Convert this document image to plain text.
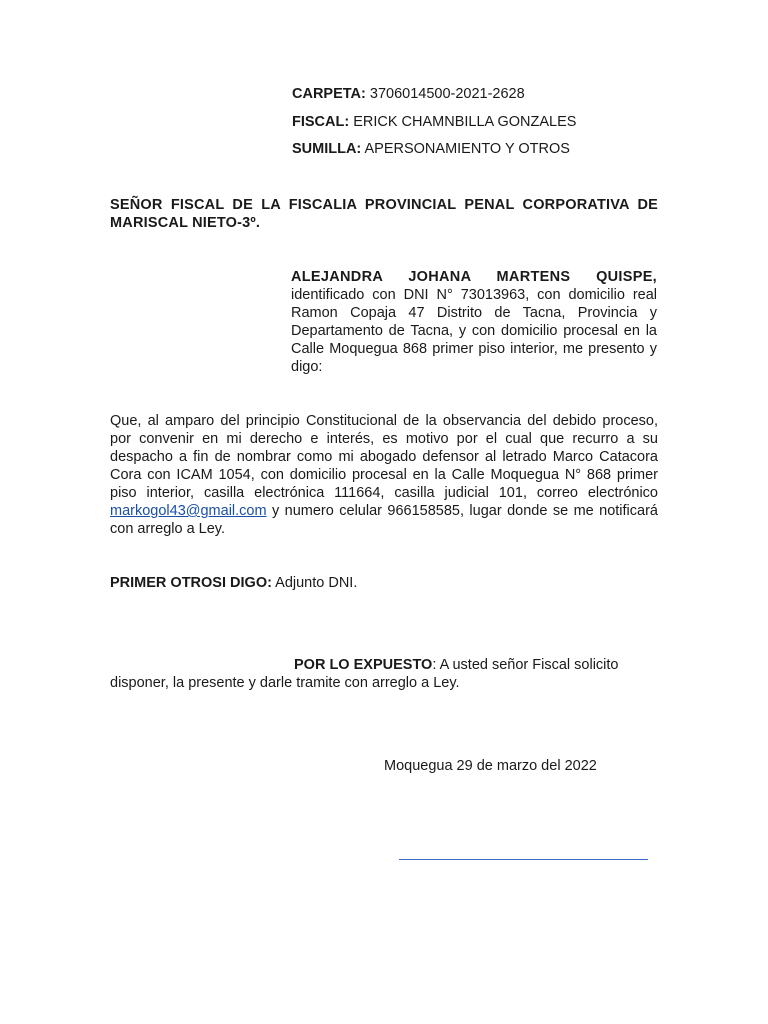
CARPETA: 3706014500-2021-2628
FISCAL: ERICK CHAMNBILLA GONZALES
SUMILLA: APERSONAMIENTO Y OTROS
SEÑOR FISCAL DE LA FISCALIA PROVINCIAL PENAL CORPORATIVA DE MARISCAL NIETO-3º.
ALEJANDRA JOHANA MARTENS QUISPE,
identificado con DNI N° 73013963, con domicilio real Ramon Copaja 47 Distrito de Tacna, Provincia y Departamento de Tacna, y con domicilio procesal en la Calle Moquegua 868 primer piso interior, me presento y digo:
Que, al amparo del principio Constitucional de la observancia del debido proceso, por convenir en mi derecho e interés, es motivo por el cual que recurro a su despacho a fin de nombrar como mi abogado defensor al letrado Marco Catacora Cora con ICAM 1054, con domicilio procesal en la Calle Moquegua N° 868 primer piso interior, casilla electrónica 111664, casilla judicial 101, correo electrónico markogol43@gmail.com y numero celular 966158585, lugar donde se me notificará con arreglo a Ley.
PRIMER OTROSI DIGO: Adjunto DNI.
POR LO EXPUESTO: A usted señor Fiscal solicito
disponer, la presente y darle tramite con arreglo a Ley.
Moquegua 29 de marzo del 2022
